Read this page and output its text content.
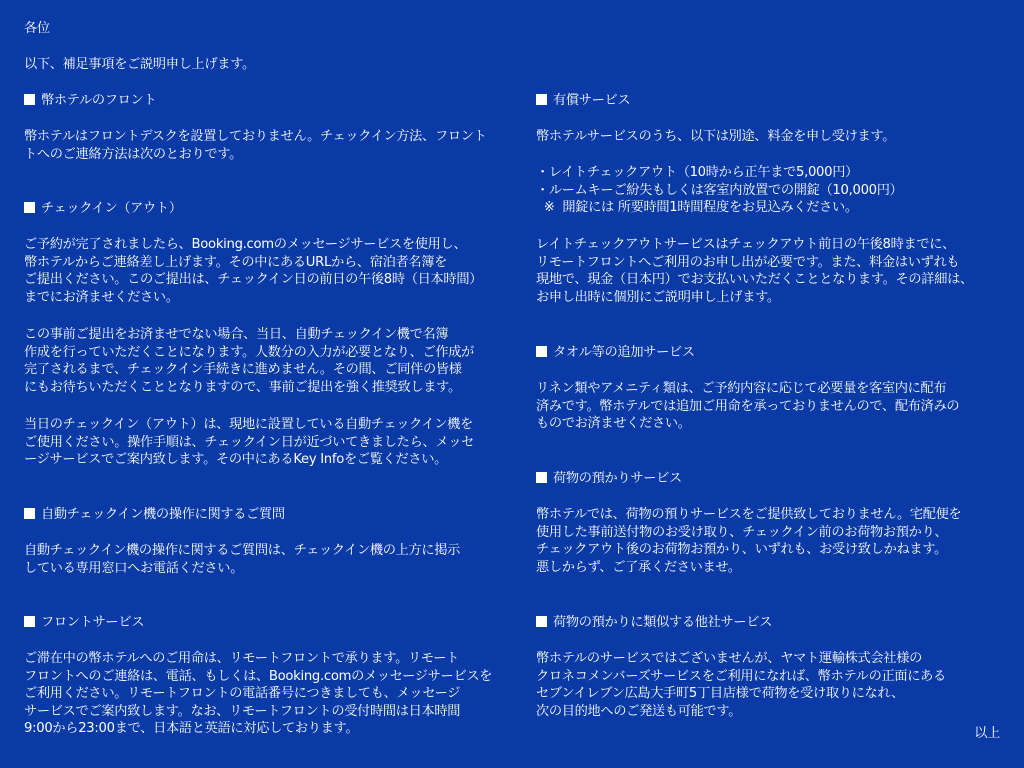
各位

以下、補足事項をご説明申し上げます。

幣ホテルのフロント

幣ホテルはフロントデスクを設置しておりません。チェックイン方法、フロント
トへのご連絡方法は次のとおりです。

チェックイン（アウト）

ご予約が完了されましたら、Booking.comのメッセージサービスを使用し、
幣ホテルからご連絡差し上げます。その中にあるURLから、宿泊者名簿を
ご提出ください。このご提出は、チェックイン日の前日の午後8時（日本時間）
までにお済ませください。
この事前ご提出をお済ませでない場合、当日、自動チェックイン機で名簿
作成を行っていただくことになります。人数分の入力が必要となり、ご作成が
完了されるまで、チェックイン手続きに進めません。その間、ご同伴の皆様
にもお待ちいただくこととなりますので、事前ご提出を強く推奨致します。
当日のチェックイン（アウト）は、現地に設置している自動チェックイン機を
ご使用ください。操作手順は、チェックイン日が近づいてきましたら、メッセ
ージサービスでご案内致します。その中にあるKey Infoをご覧ください。

自動チェックイン機の操作に関するご質問

自動チェックイン機の操作に関するご質問は、チェックイン機の上方に掲示
している専用窓口へお電話ください。

フロントサービス

ご滞在中の幣ホテルへのご用命は、リモートフロントで承ります。リモート
フロントへのご連絡は、電話、もしくは、Booking.comのメッセージサービスを
ご利用ください。リモートフロントの電話番号につきましても、メッセージ
サービスでご案内致します。なお、リモートフロントの受付時間は日本時間
9:00から23:00まで、日本語と英語に対応しております。

有償サービス

幣ホテルサービスのうち、以下は別途、料金を申し受けます。

・レイトチェックアウト（10時から正午まで5,000円）
・ルームキーご紛失もしくは客室内放置での開錠（10,000円）
※  開錠には 所要時間1時間程度をお見込みください。
レイトチェックアウトサービスはチェックアウト前日の午後8時までに、
リモートフロントへご利用のお申し出が必要です。また、料金はいずれも
現地で、現金（日本円）でお支払いいただくこととなります。その詳細は、
お申し出時に個別にご説明申し上げます。

タオル等の追加サービス

リネン類やアメニティ類は、ご予約内容に応じて必要量を客室内に配布
済みです。幣ホテルでは追加ご用命を承っておりませんので、配布済みの
ものでお済ませください。

荷物の預かりサービス

幣ホテルでは、荷物の預りサービスをご提供致しておりません。宅配便を
使用した事前送付物のお受け取り、チェックイン前のお荷物お預かり、
チェックアウト後のお荷物お預かり、いずれも、お受け致しかねます。
悪しからず、ご了承くださいませ。

荷物の預かりに類似する他社サービス

幣ホテルのサービスではございませんが、ヤマト運輸株式会社様の
クロネコメンバーズサービスをご利用になれば、幣ホテルの正面にある
セブンイレブン広島大手町5丁目店様で荷物を受け取りになれ、
次の目的地へのご発送も可能です。

以上
